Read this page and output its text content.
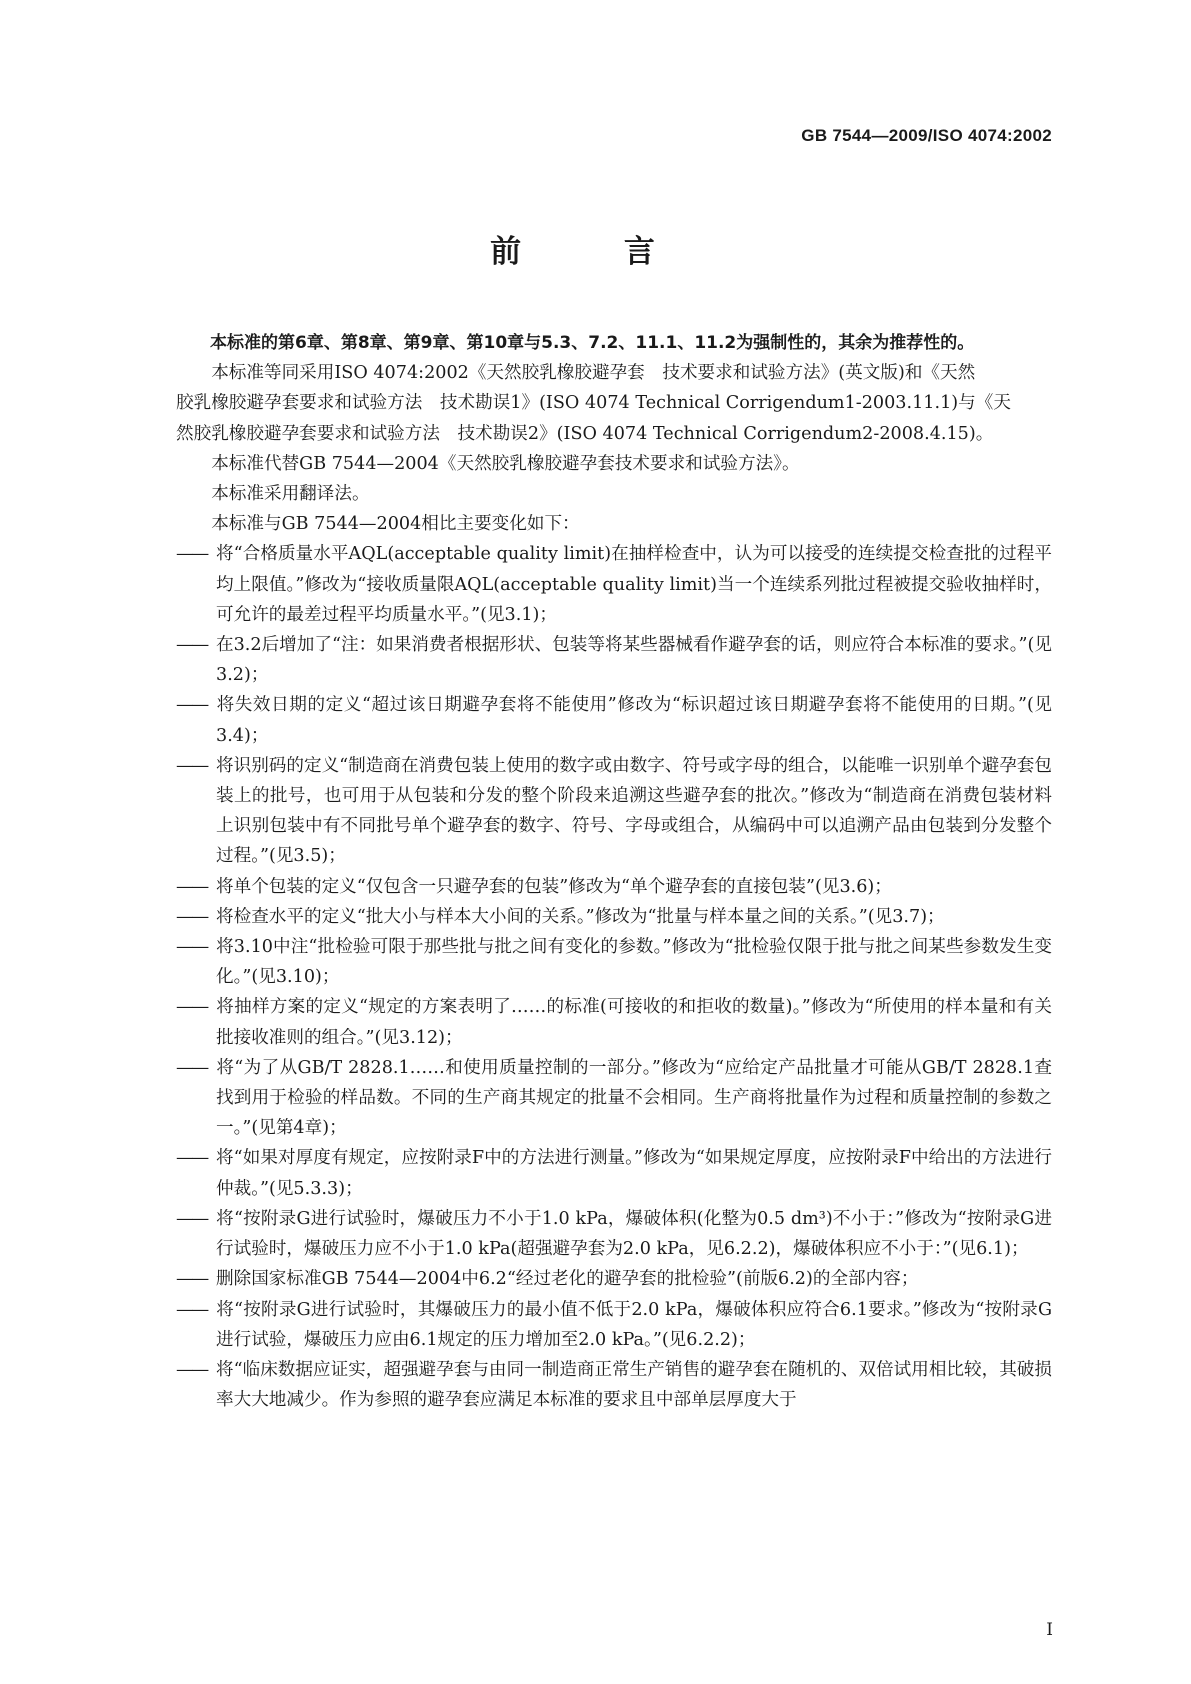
GB 7544—2009/ISO 4074:2002
前 言

本标准的第6章、第8章、第9章、第10章与5.3、7.2、11.1、11.2为强制性的，其余为推荐性的。

本标准等同采用ISO 4074:2002《天然胶乳橡胶避孕套　技术要求和试验方法》(英文版)和《天然

胶乳橡胶避孕套要求和试验方法　技术勘误1》(ISO 4074 Technical Corrigendum1-2003.11.1)与《天

然胶乳橡胶避孕套要求和试验方法　技术勘误2》(ISO 4074 Technical Corrigendum2-2008.4.15)。

本标准代替GB 7544—2004《天然胶乳橡胶避孕套技术要求和试验方法》。

本标准采用翻译法。

本标准与GB 7544—2004相比主要变化如下：

—— 将“合格质量水平AQL(acceptable quality limit)在抽样检查中，认为可以接受的连续提交检查批的过程平均上限值。”修改为“接收质量限AQL(acceptable quality limit)当一个连续系列批过程被提交验收抽样时，可允许的最差过程平均质量水平。”(见3.1)；

—— 在3.2后增加了“注：如果消费者根据形状、包装等将某些器械看作避孕套的话，则应符合本标准的要求。”(见3.2)；

—— 将失效日期的定义“超过该日期避孕套将不能使用”修改为“标识超过该日期避孕套将不能使用的日期。”(见3.4)；

—— 将识别码的定义“制造商在消费包装上使用的数字或由数字、符号或字母的组合，以能唯一识别单个避孕套包装上的批号，也可用于从包装和分发的整个阶段来追溯这些避孕套的批次。”修改为“制造商在消费包装材料上识别包装中有不同批号单个避孕套的数字、符号、字母或组合，从编码中可以追溯产品由包装到分发整个过程。”(见3.5)；

—— 将单个包装的定义“仅包含一只避孕套的包装”修改为“单个避孕套的直接包装”(见3.6)；

—— 将检查水平的定义“批大小与样本大小间的关系。”修改为“批量与样本量之间的关系。”(见3.7)；

—— 将3.10中注“批检验可限于那些批与批之间有变化的参数。”修改为“批检验仅限于批与批之间某些参数发生变化。”(见3.10)；

—— 将抽样方案的定义“规定的方案表明了……的标准(可接收的和拒收的数量)。”修改为“所使用的样本量和有关批接收准则的组合。”(见3.12)；

—— 将“为了从GB/T 2828.1……和使用质量控制的一部分。”修改为“应给定产品批量才可能从GB/T 2828.1查找到用于检验的样品数。不同的生产商其规定的批量不会相同。生产商将批量作为过程和质量控制的参数之一。”(见第4章)；

—— 将“如果对厚度有规定，应按附录F中的方法进行测量。”修改为“如果规定厚度，应按附录F中给出的方法进行仲裁。”(见5.3.3)；

—— 将“按附录G进行试验时，爆破压力不小于1.0 kPa，爆破体积(化整为0.5 dm³)不小于：”修改为“按附录G进行试验时，爆破压力应不小于1.0 kPa(超强避孕套为2.0 kPa，见6.2.2)，爆破体积应不小于：”(见6.1)；

—— 删除国家标准GB 7544—2004中6.2“经过老化的避孕套的批检验”(前版6.2)的全部内容；

—— 将“按附录G进行试验时，其爆破压力的最小值不低于2.0 kPa，爆破体积应符合6.1要求。”修改为“按附录G进行试验，爆破压力应由6.1规定的压力增加至2.0 kPa。”(见6.2.2)；

—— 将“临床数据应证实，超强避孕套与由同一制造商正常生产销售的避孕套在随机的、双倍试用相比较，其破损率大大地减少。作为参照的避孕套应满足本标准的要求且中部单层厚度大于

I
